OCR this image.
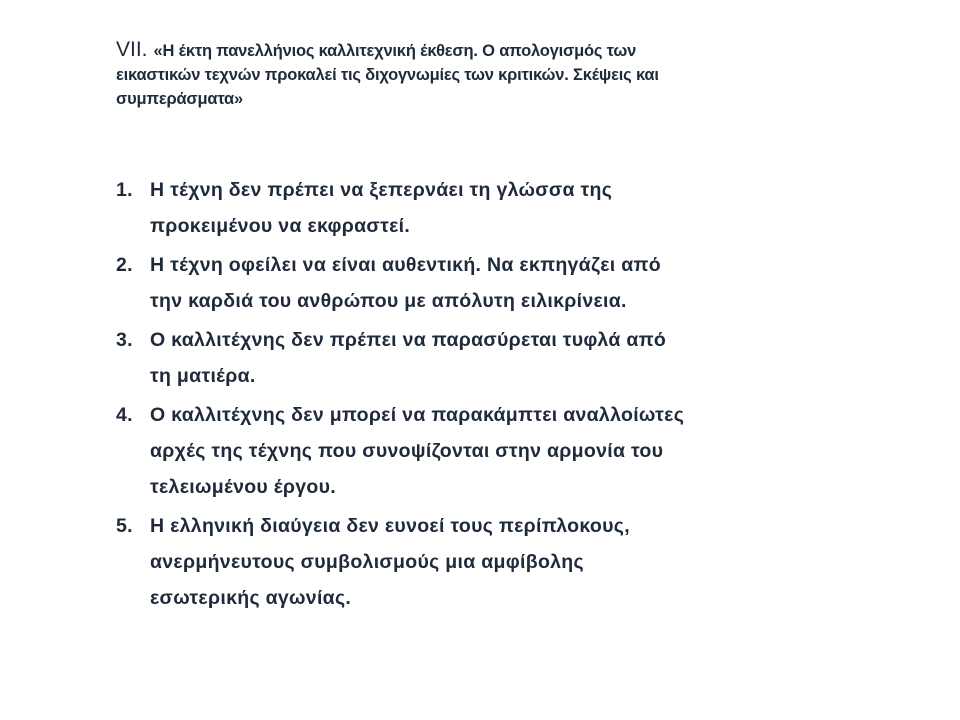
VII. «Η έκτη πανελλήνιος καλλιτεχνική έκθεση. Ο απολογισμός των
εικαστικών τεχνών προκαλεί τις διχογνωμίες των κριτικών. Σκέψεις και
συμπεράσματα»
1. Η τέχνη δεν πρέπει να ξεπερνάει τη γλώσσα της
προκειμένου να εκφραστεί.
2. Η τέχνη οφείλει να είναι αυθεντική. Να εκπηγάζει από
την καρδιά του ανθρώπου με απόλυτη ειλικρίνεια.
3. Ο καλλιτέχνης δεν πρέπει να παρασύρεται τυφλά από
τη ματιέρα.
4. Ο καλλιτέχνης δεν μπορεί να παρακάμπτει αναλλοίωτες
αρχές της τέχνης που συνοψίζονται στην αρμονία του
τελειωμένου έργου.
5. Η ελληνική διαύγεια δεν ευνοεί τους περίπλοκους,
ανερμήνευτους συμβολισμούς μια αμφίβολης
εσωτερικής αγωνίας.
